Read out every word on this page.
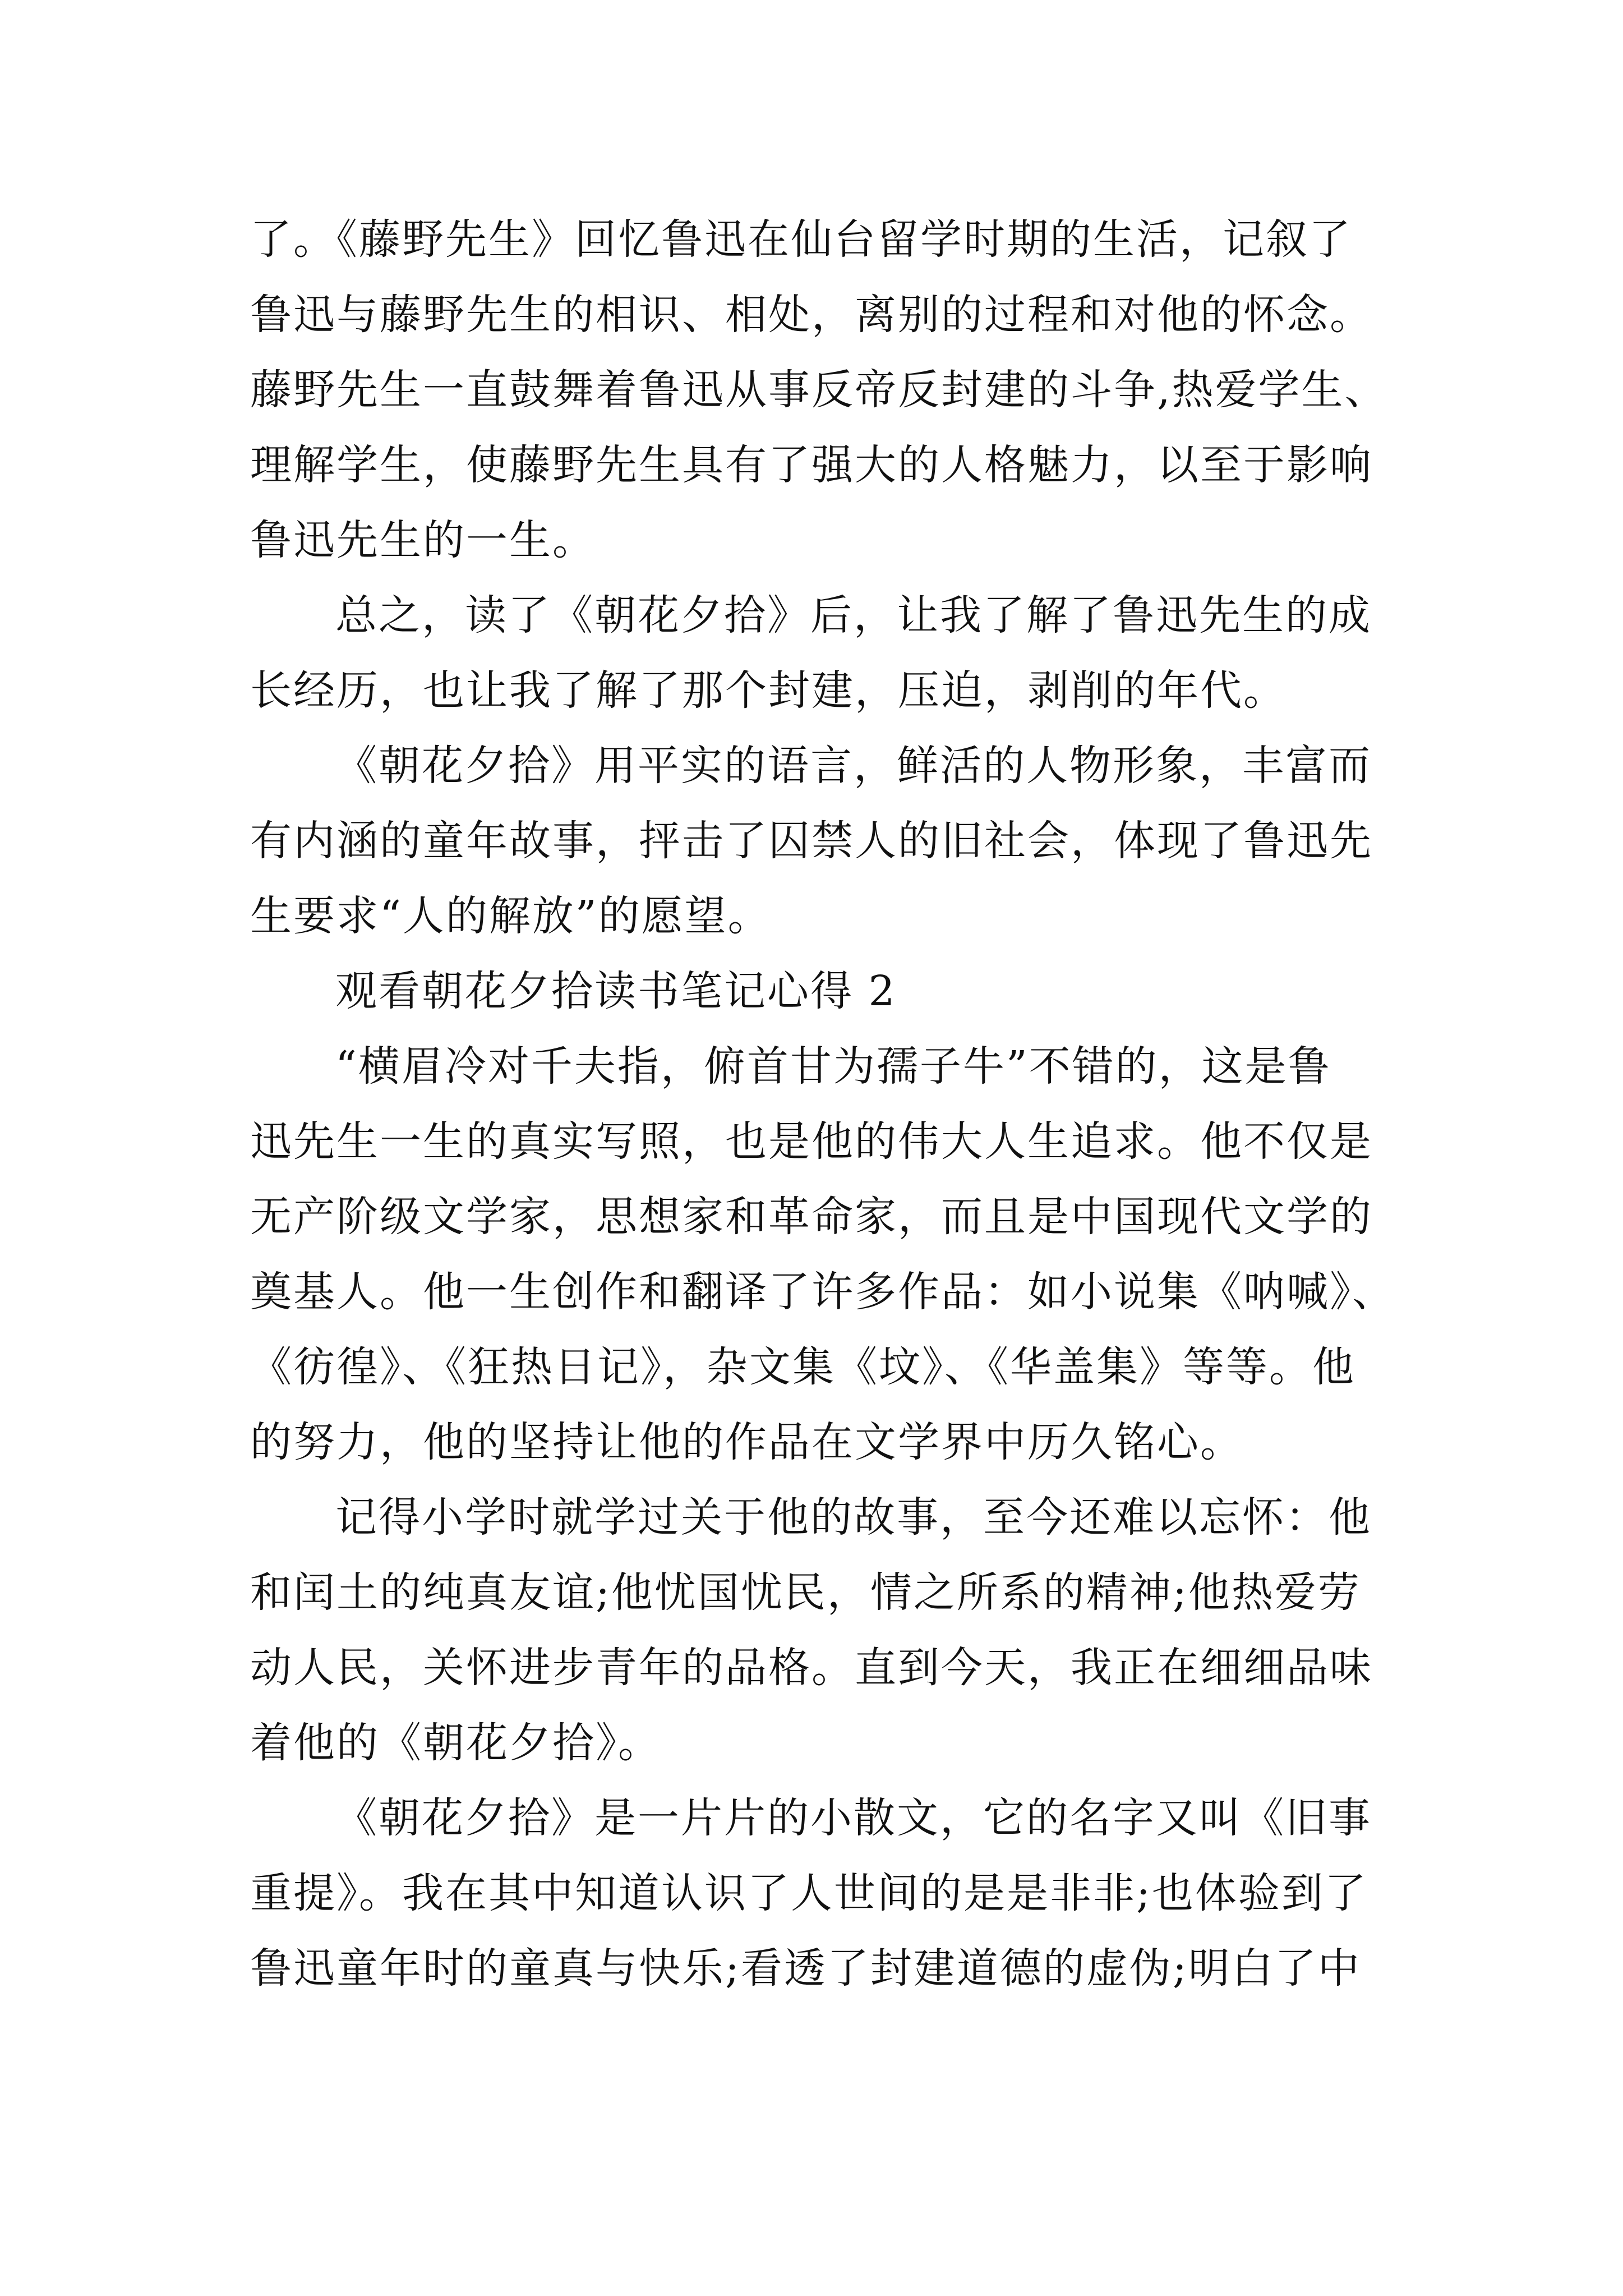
了。《藤野先生》回忆鲁迅在仙台留学时期的生活，记叙了
鲁迅与藤野先生的相识、相处，离别的过程和对他的怀念。
藤野先生一直鼓舞着鲁迅从事反帝反封建的斗争,热爱学生、
理解学生，使藤野先生具有了强大的人格魅力，以至于影响
鲁迅先生的一生。
总之，读了《朝花夕拾》后，让我了解了鲁迅先生的成
长经历，也让我了解了那个封建，压迫，剥削的年代。
《朝花夕拾》用平实的语言，鲜活的人物形象，丰富而
有内涵的童年故事，抨击了囚禁人的旧社会，体现了鲁迅先
生要求“人的解放”的愿望。
观看朝花夕拾读书笔记心得 2
“横眉冷对千夫指，俯首甘为孺子牛”不错的，这是鲁
迅先生一生的真实写照，也是他的伟大人生追求。他不仅是
无产阶级文学家，思想家和革命家，而且是中国现代文学的
奠基人。他一生创作和翻译了许多作品：如小说集《呐喊》、
《彷徨》、《狂热日记》，杂文集《坟》、《华盖集》等等。他
的努力，他的坚持让他的作品在文学界中历久铭心。
记得小学时就学过关于他的故事，至今还难以忘怀：他
和闰土的纯真友谊;他忧国忧民，情之所系的精神;他热爱劳
动人民，关怀进步青年的品格。直到今天，我正在细细品味
着他的《朝花夕拾》。
《朝花夕拾》是一片片的小散文，它的名字又叫《旧事
重提》。我在其中知道认识了人世间的是是非非;也体验到了
鲁迅童年时的童真与快乐;看透了封建道德的虚伪;明白了中
